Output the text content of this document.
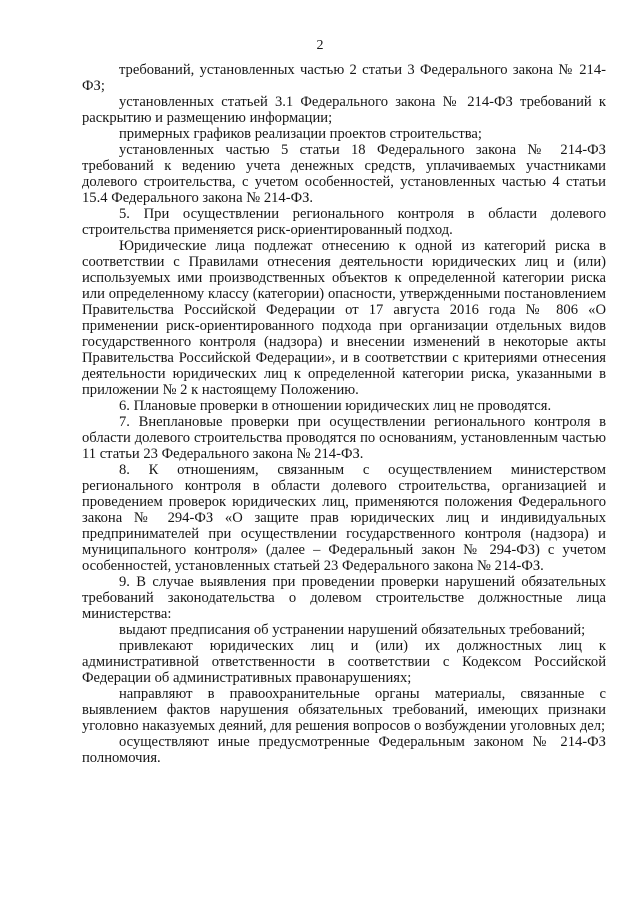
2

требований, установленных частью 2 статьи 3 Федерального закона № 214-ФЗ;

установленных статьей 3.1 Федерального закона № 214-ФЗ требований к раскрытию и размещению информации;

примерных графиков реализации проектов строительства;

установленных частью 5 статьи 18 Федерального закона № 214-ФЗ требований к ведению учета денежных средств, уплачиваемых участниками долевого строительства, с учетом особенностей, установленных частью 4 статьи 15.4 Федерального закона № 214-ФЗ.

5. При осуществлении регионального контроля в области долевого строительства применяется риск-ориентированный подход.

Юридические лица подлежат отнесению к одной из категорий риска в соответствии с Правилами отнесения деятельности юридических лиц и (или) используемых ими производственных объектов к определенной категории риска или определенному классу (категории) опасности, утвержденными постановлением Правительства Российской Федерации от 17 августа 2016 года № 806 «О применении риск-ориентированного подхода при организации отдельных видов государственного контроля (надзора) и внесении изменений в некоторые акты Правительства Российской Федерации», и в соответствии с критериями отнесения деятельности юридических лиц к определенной категории риска, указанными в приложении № 2 к настоящему Положению.

6. Плановые проверки в отношении юридических лиц не проводятся.

7. Внеплановые проверки при осуществлении регионального контроля в области долевого строительства проводятся по основаниям, установленным частью 11 статьи 23 Федерального закона № 214-ФЗ.

8. К отношениям, связанным с осуществлением министерством регионального контроля в области долевого строительства, организацией и проведением проверок юридических лиц, применяются положения Федерального закона № 294-ФЗ «О защите прав юридических лиц и индивидуальных предпринимателей при осуществлении государственного контроля (надзора) и муниципального контроля» (далее – Федеральный закон № 294-ФЗ) с учетом особенностей, установленных статьей 23 Федерального закона № 214-ФЗ.

9. В случае выявления при проведении проверки нарушений обязательных требований законодательства о долевом строительстве должностные лица министерства:

выдают предписания об устранении нарушений обязательных требований;

привлекают юридических лиц и (или) их должностных лиц к административной ответственности в соответствии с Кодексом Российской Федерации об административных правонарушениях;

направляют в правоохранительные органы материалы, связанные с выявлением фактов нарушения обязательных требований, имеющих признаки уголовно наказуемых деяний, для решения вопросов о возбуждении уголовных дел;

осуществляют иные предусмотренные Федеральным законом № 214-ФЗ полномочия.
